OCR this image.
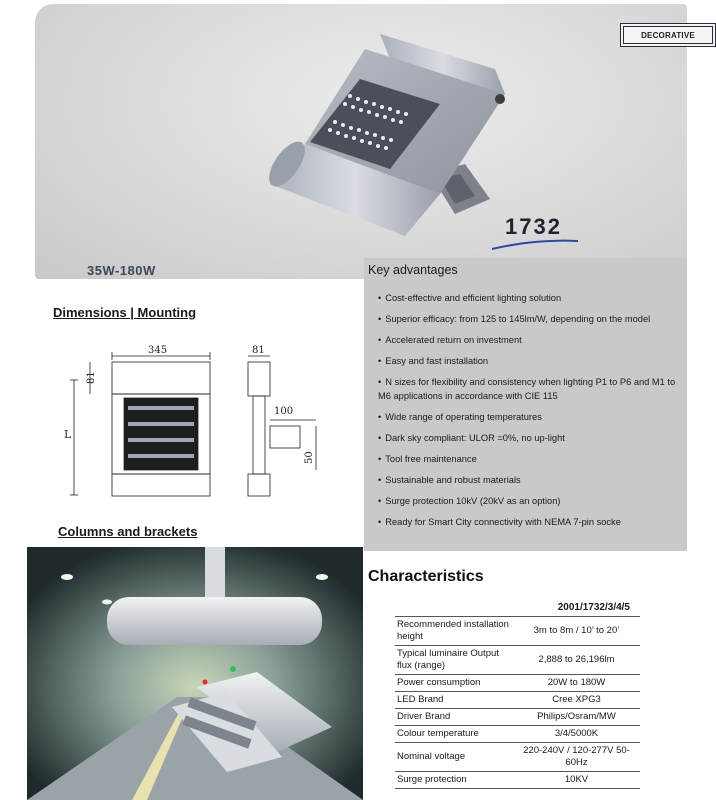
DECORATIVE
1732
35W-180W	Key advantages
• Cost-effective and efficient lighting solution
• Superior efficacy: from 125 to 145lm/W, depending on the model
• Accelerated return on investment
• Easy and fast installation
• N sizes for flexibility and consistency when lighting P1 to P6 and M1 to M6 applications in accordance with CIE 115
• Wide range of operating temperatures
• Dark sky compliant: ULOR =0%, no up-light
• Tool free maintenance
• Sustainable and robust materials
• Surge protection 10kV (20kV as an option)
• Ready for Smart City connectivity with NEMA 7-pin socke
Dimensions | Mounting
345
81
L
81
100
50
Columns and brackets
Characteristics
2001/1732/3/4/5	
Recommended installation height	3m to 8m / 10’ to 20’
Typical luminaire Output flux (range)	2,888 to 26,196lm
Power consumption	20W to 180W
LED Brand	Cree XPG3
Driver Brand	Philips/Osram/MW
Colour temperature	3/4/5000K
Nominal voltage	220-240V / 120-277V 50-60Hz
Surge protection	10KV
